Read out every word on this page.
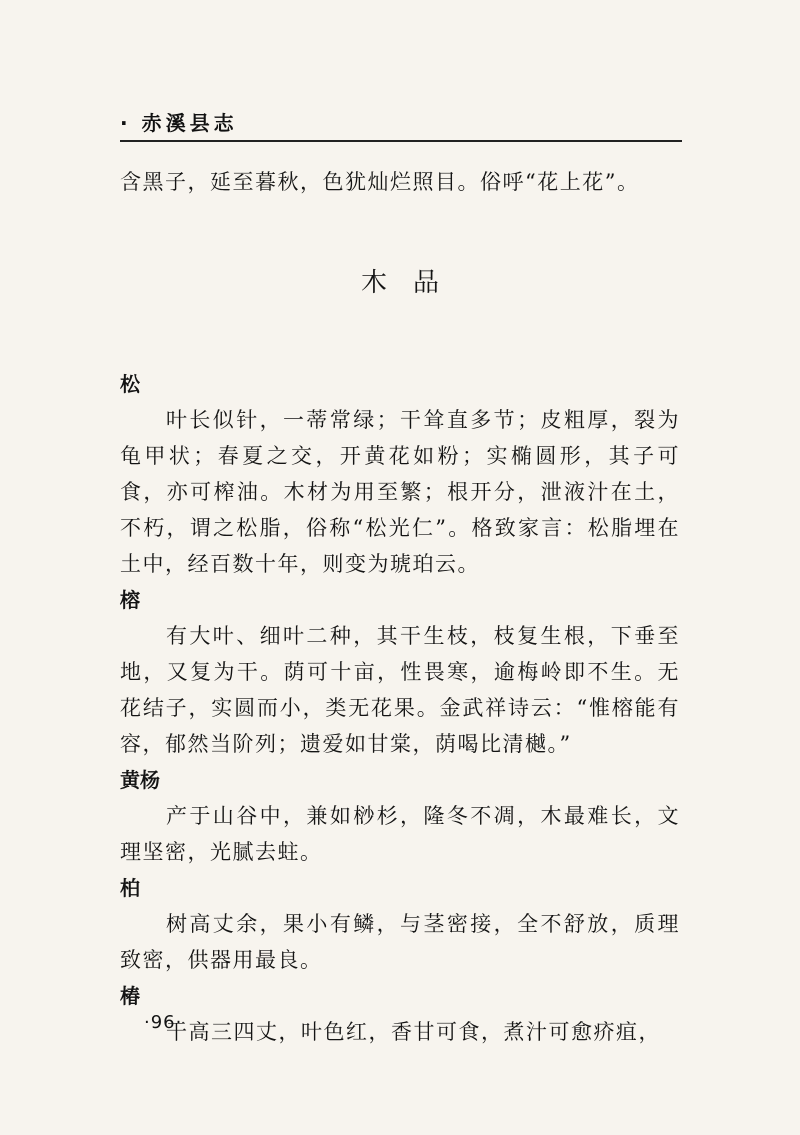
· 赤溪县志

含黑子，延至暮秋，色犹灿烂照目。俗呼“花上花”。

木品

松

叶长似针，一蒂常绿；干耸直多节；皮粗厚，裂为龟甲状；春夏之交，开黄花如粉；实椭圆形，其子可食，亦可榨油。木材为用至繁；根开分，泄液汁在土，不朽，谓之松脂，俗称“松光仁”。格致家言：松脂埋在土中，经百数十年，则变为琥珀云。

榕

有大叶、细叶二种，其干生枝，枝复生根，下垂至地，又复为干。荫可十亩，性畏寒，逾梅岭即不生。无花结子，实圆而小，类无花果。金武祥诗云：“惟榕能有容，郁然当阶列；遗爱如甘棠，荫喝比清樾。”

黄杨

产于山谷中，兼如桫杉，隆冬不凋，木最难长，文理坚密，光腻去蛀。

柏

树高丈余，果小有鳞，与茎密接，全不舒放，质理致密，供器用最良。

椿

干高三四丈，叶色红，香甘可食，煮汁可愈疥疽，

·96·
